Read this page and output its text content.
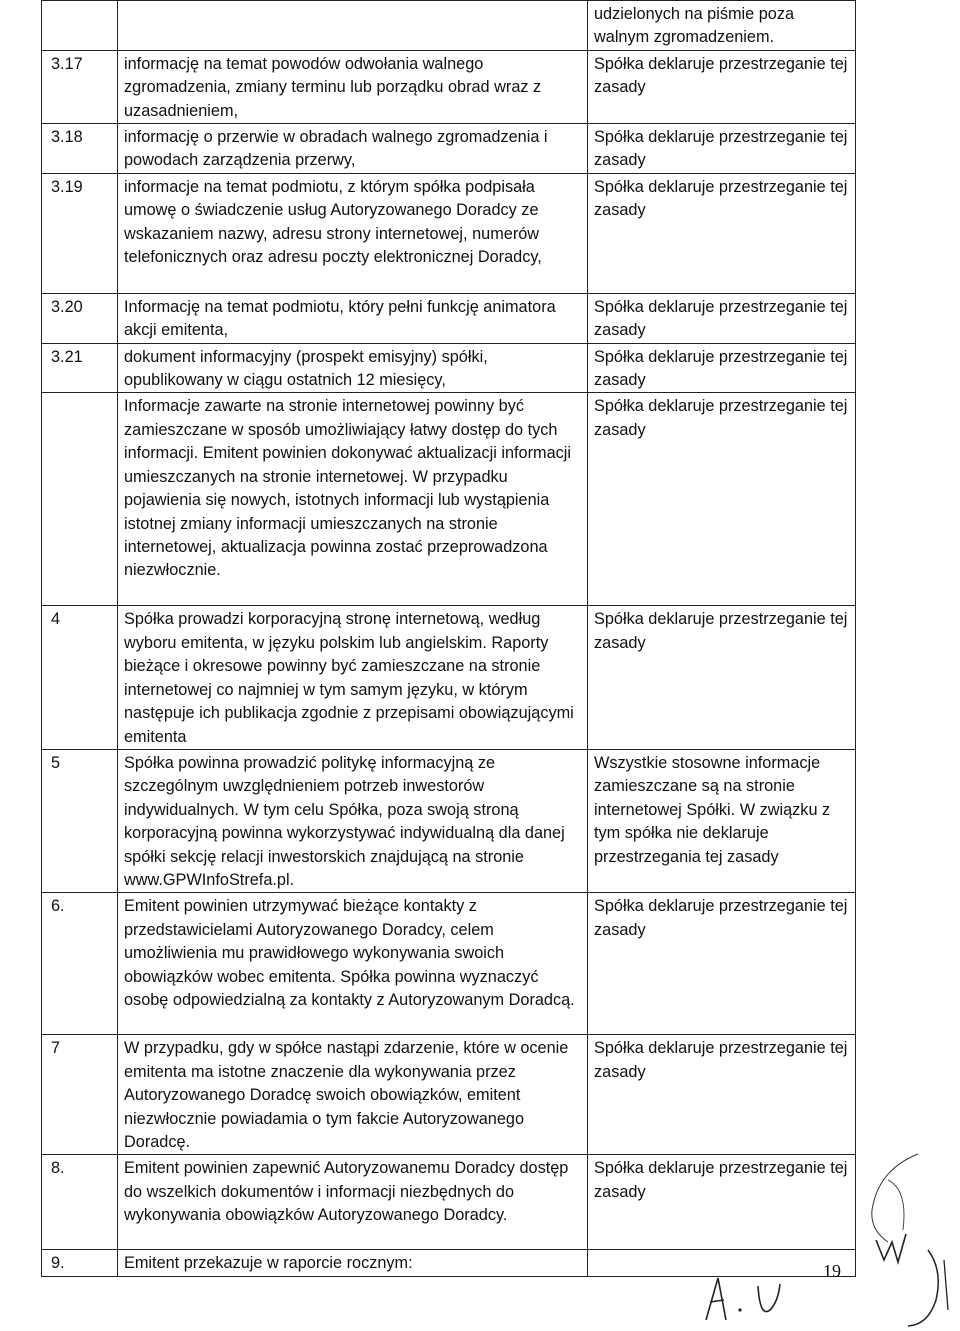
		udzielonych na piśmie poza walnym zgromadzeniem.
3.17	informację na temat powodów odwołania walnego zgromadzenia, zmiany terminu lub porządku obrad wraz z uzasadnieniem,	Spółka deklaruje przestrzeganie tej zasady
3.18	informację o przerwie w obradach walnego zgromadzenia i powodach zarządzenia przerwy,	Spółka deklaruje przestrzeganie tej zasady
3.19	informacje na temat podmiotu, z którym spółka podpisała umowę o świadczenie usług Autoryzowanego Doradcy ze wskazaniem nazwy, adresu strony internetowej, numerów telefonicznych oraz adresu poczty elektronicznej Doradcy,	Spółka deklaruje przestrzeganie tej zasady
3.20	Informację na temat podmiotu, który pełni funkcję animatora akcji emitenta,	Spółka deklaruje przestrzeganie tej zasady
3.21	dokument informacyjny (prospekt emisyjny) spółki, opublikowany w ciągu ostatnich 12 miesięcy,	Spółka deklaruje przestrzeganie tej zasady
	Informacje zawarte na stronie internetowej powinny być zamieszczane w sposób umożliwiający łatwy dostęp do tych informacji. Emitent powinien dokonywać aktualizacji informacji umieszczanych na stronie internetowej. W przypadku pojawienia się nowych, istotnych informacji lub wystąpienia istotnej zmiany informacji umieszczanych na stronie internetowej, aktualizacja powinna zostać przeprowadzona niezwłocznie.	Spółka deklaruje przestrzeganie tej zasady
4	Spółka prowadzi korporacyjną stronę internetową, według wyboru emitenta, w języku polskim lub angielskim. Raporty bieżące i okresowe powinny być zamieszczane na stronie internetowej co najmniej w tym samym języku, w którym następuje ich publikacja zgodnie z przepisami obowiązującymi emitenta	Spółka deklaruje przestrzeganie tej zasady
5	Spółka powinna prowadzić politykę informacyjną ze szczególnym uwzględnieniem potrzeb inwestorów indywidualnych. W tym celu Spółka, poza swoją stroną korporacyjną powinna wykorzystywać indywidualną dla danej spółki sekcję relacji inwestorskich znajdującą na stronie www.GPWInfoStrefa.pl.	Wszystkie stosowne informacje zamieszczane są na stronie internetowej Spółki. W związku z tym spółka nie deklaruje przestrzegania tej zasady
6.	Emitent powinien utrzymywać bieżące kontakty z przedstawicielami Autoryzowanego Doradcy, celem umożliwienia mu prawidłowego wykonywania swoich obowiązków wobec emitenta. Spółka powinna wyznaczyć osobę odpowiedzialną za kontakty z Autoryzowanym Doradcą.	Spółka deklaruje przestrzeganie tej zasady
7	W przypadku, gdy w spółce nastąpi zdarzenie, które w ocenie emitenta ma istotne znaczenie dla wykonywania przez Autoryzowanego Doradcę swoich obowiązków, emitent niezwłocznie powiadamia o tym fakcie Autoryzowanego Doradcę.	Spółka deklaruje przestrzeganie tej zasady
8.	Emitent powinien zapewnić Autoryzowanemu Doradcy dostęp do wszelkich dokumentów i informacji niezbędnych do wykonywania obowiązków Autoryzowanego Doradcy.	Spółka deklaruje przestrzeganie tej zasady
9.	Emitent przekazuje w raporcie rocznym:		19
